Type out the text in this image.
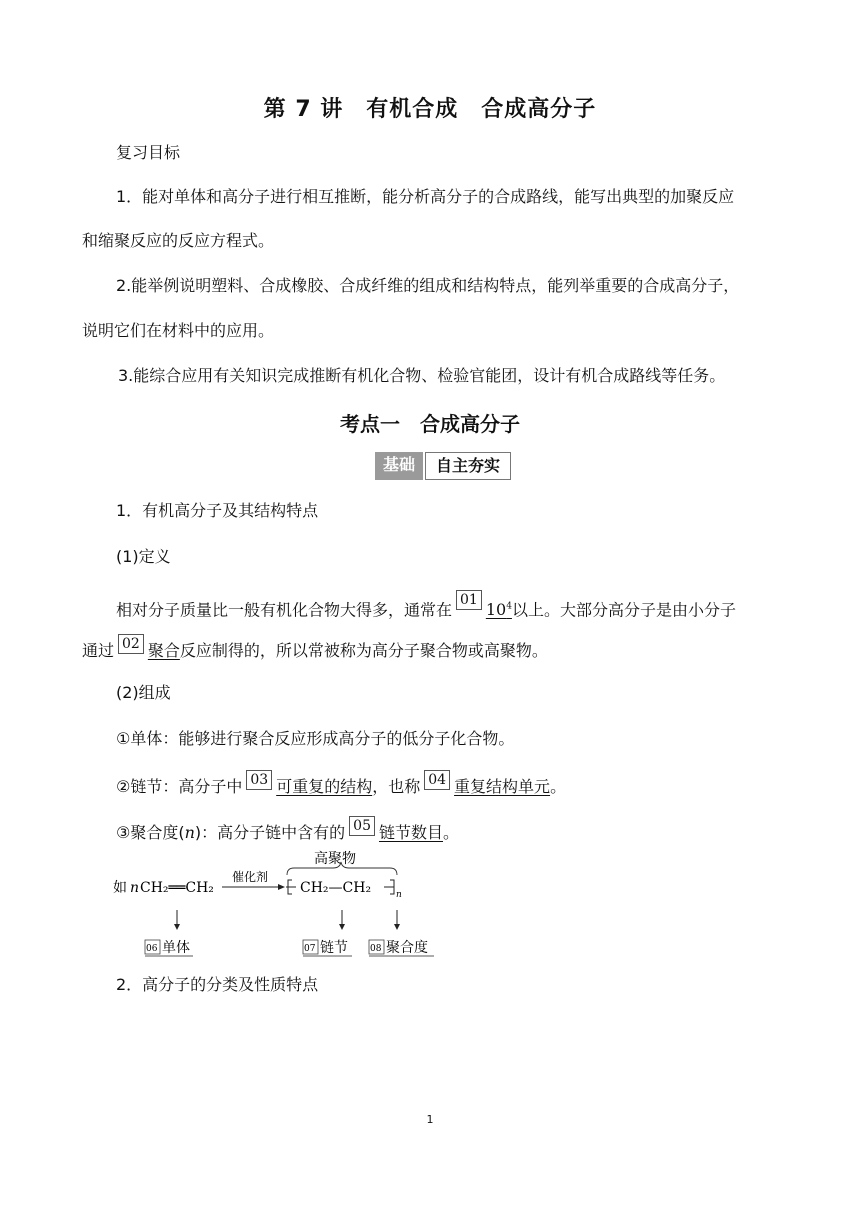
第 7 讲　有机合成　合成高分子
复习目标
1．能对单体和高分子进行相互推断，能分析高分子的合成路线，能写出典型的加聚反应
和缩聚反应的反应方程式。
2.能举例说明塑料、合成橡胶、合成纤维的组成和结构特点，能列举重要的合成高分子，
说明它们在材料中的应用。
3.能综合应用有关知识完成推断有机化合物、检验官能团，设计有机合成路线等任务。
考点一　合成高分子
基础	自主夯实
1．有机高分子及其结构特点
(1)定义
相对分子质量比一般有机化合物大得多，通常在0110$^4$以上。大部分高分子是由小分子
通过 02 聚合反应制得的，所以常被称为高分子聚合物或高聚物。
(2)组成
①单体：能够进行聚合反应形成高分子的低分子化合物。
②链节：高分子中 03 可重复的结构，也称 04 重复结构单元。
③聚合度(n)：高分子链中含有的 05 链节数目。
如 n CH₂══CH₂
催化剂
高聚物
CH₂—CH₂	n
06 单体	07 链节 08 聚合度
2．高分子的分类及性质特点
1
